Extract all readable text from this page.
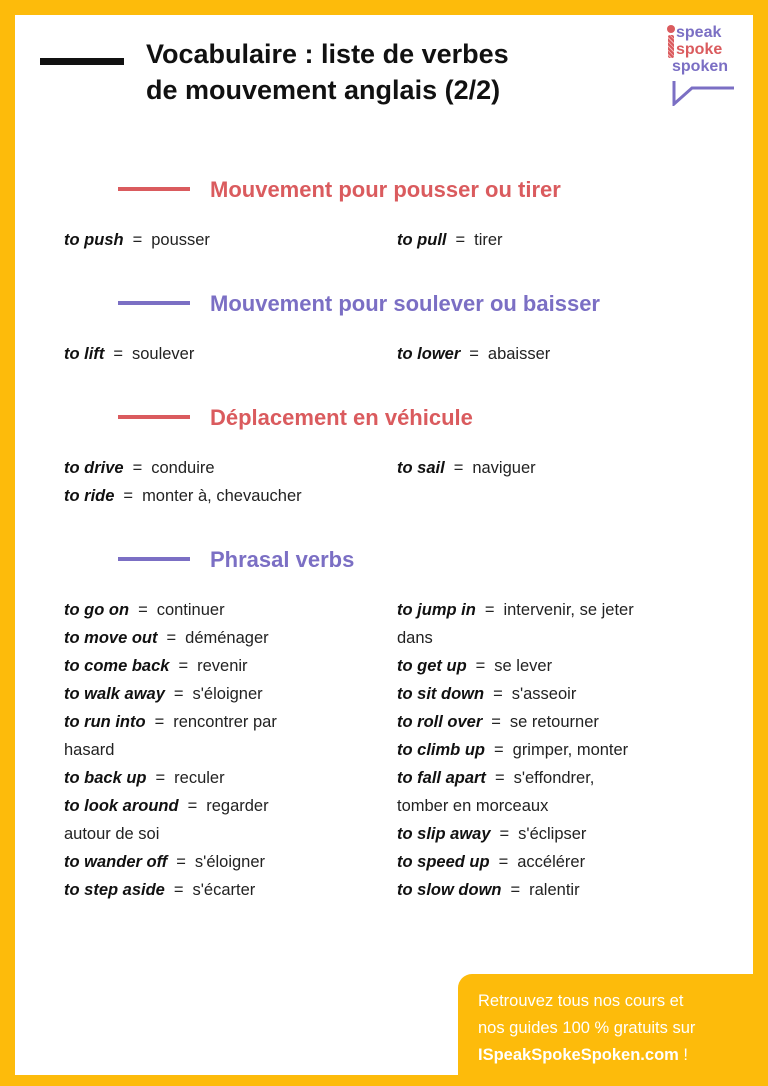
Vocabulaire : liste de verbes
de mouvement anglais (2/2)
speak
spoke
spoken
Mouvement pour pousser ou tirer
to push = pousser	to pull = tirer
Mouvement pour soulever ou baisser
to lift = soulever	to lower = abaisser
Déplacement en véhicule
to drive = conduire
to ride = monter à, chevaucher
to sail = naviguer
Phrasal verbs
to go on = continuer
to move out = déménager
to come back = revenir
to walk away = s'éloigner
to run into = rencontrer par
hasard
to back up = reculer
to look around = regarder
autour de soi
to wander off = s'éloigner
to step aside = s'écarter
to jump in = intervenir, se jeter
dans
to get up = se lever
to sit down = s'asseoir
to roll over = se retourner
to climb up = grimper, monter
to fall apart = s'effondrer,
tomber en morceaux
to slip away = s'éclipser
to speed up = accélérer
to slow down = ralentir
Retrouvez tous nos cours et
nos guides 100 % gratuits sur
ISpeakSpokeSpoken.com !
